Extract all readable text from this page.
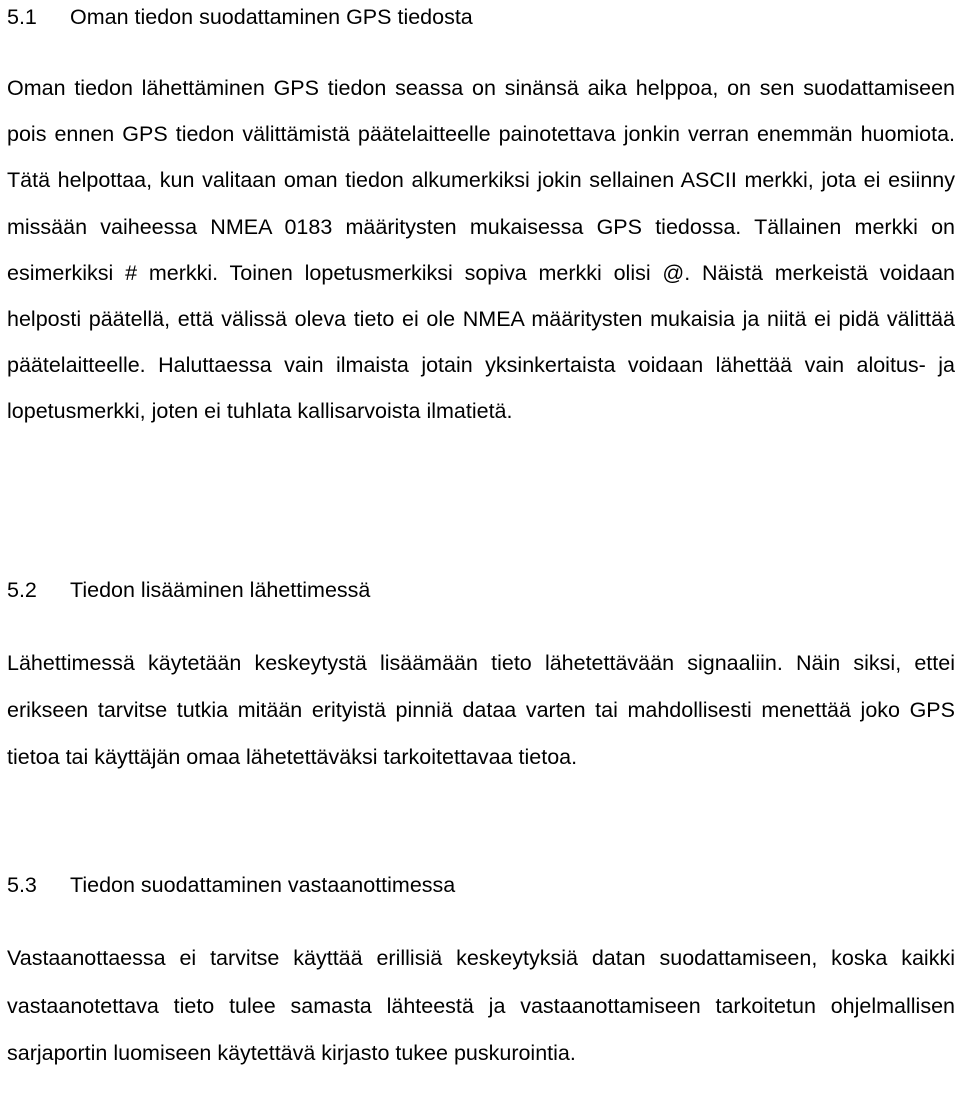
5.1 Oman tiedon suodattaminen GPS tiedosta

Oman tiedon lähettäminen GPS tiedon seassa on sinänsä aika helppoa, on sen suodattamiseen pois ennen GPS tiedon välittämistä päätelaitteelle painotettava jonkin verran enemmän huomiota. Tätä helpottaa, kun valitaan oman tiedon alkumerkiksi jokin sellainen ASCII merkki, jota ei esiinny missään vaiheessa NMEA 0183 määritysten mukaisessa GPS tiedossa. Tällainen merkki on esimerkiksi # merkki. Toinen lopetusmerkiksi sopiva merkki olisi @. Näistä merkeistä voidaan helposti päätellä, että välissä oleva tieto ei ole NMEA määritysten mukaisia ja niitä ei pidä välittää päätelaitteelle. Haluttaessa vain ilmaista jotain yksinkertaista voidaan lähettää vain aloitus- ja lopetusmerkki, joten ei tuhlata kallisarvoista ilmatietä.

5.2 Tiedon lisääminen lähettimessä

Lähettimessä käytetään keskeytystä lisäämään tieto lähetettävään signaaliin. Näin siksi, ettei erikseen tarvitse tutkia mitään erityistä pinniä dataa varten tai mahdollisesti menettää joko GPS tietoa tai käyttäjän omaa lähetettäväksi tarkoitettavaa tietoa.

5.3 Tiedon suodattaminen vastaanottimessa

Vastaanottaessa ei tarvitse käyttää erillisiä keskeytyksiä datan suodattamiseen, koska kaikki vastaanotettava tieto tulee samasta lähteestä ja vastaanottamiseen tarkoitetun ohjelmallisen sarjaportin luomiseen käytettävä kirjasto tukee puskurointia.
